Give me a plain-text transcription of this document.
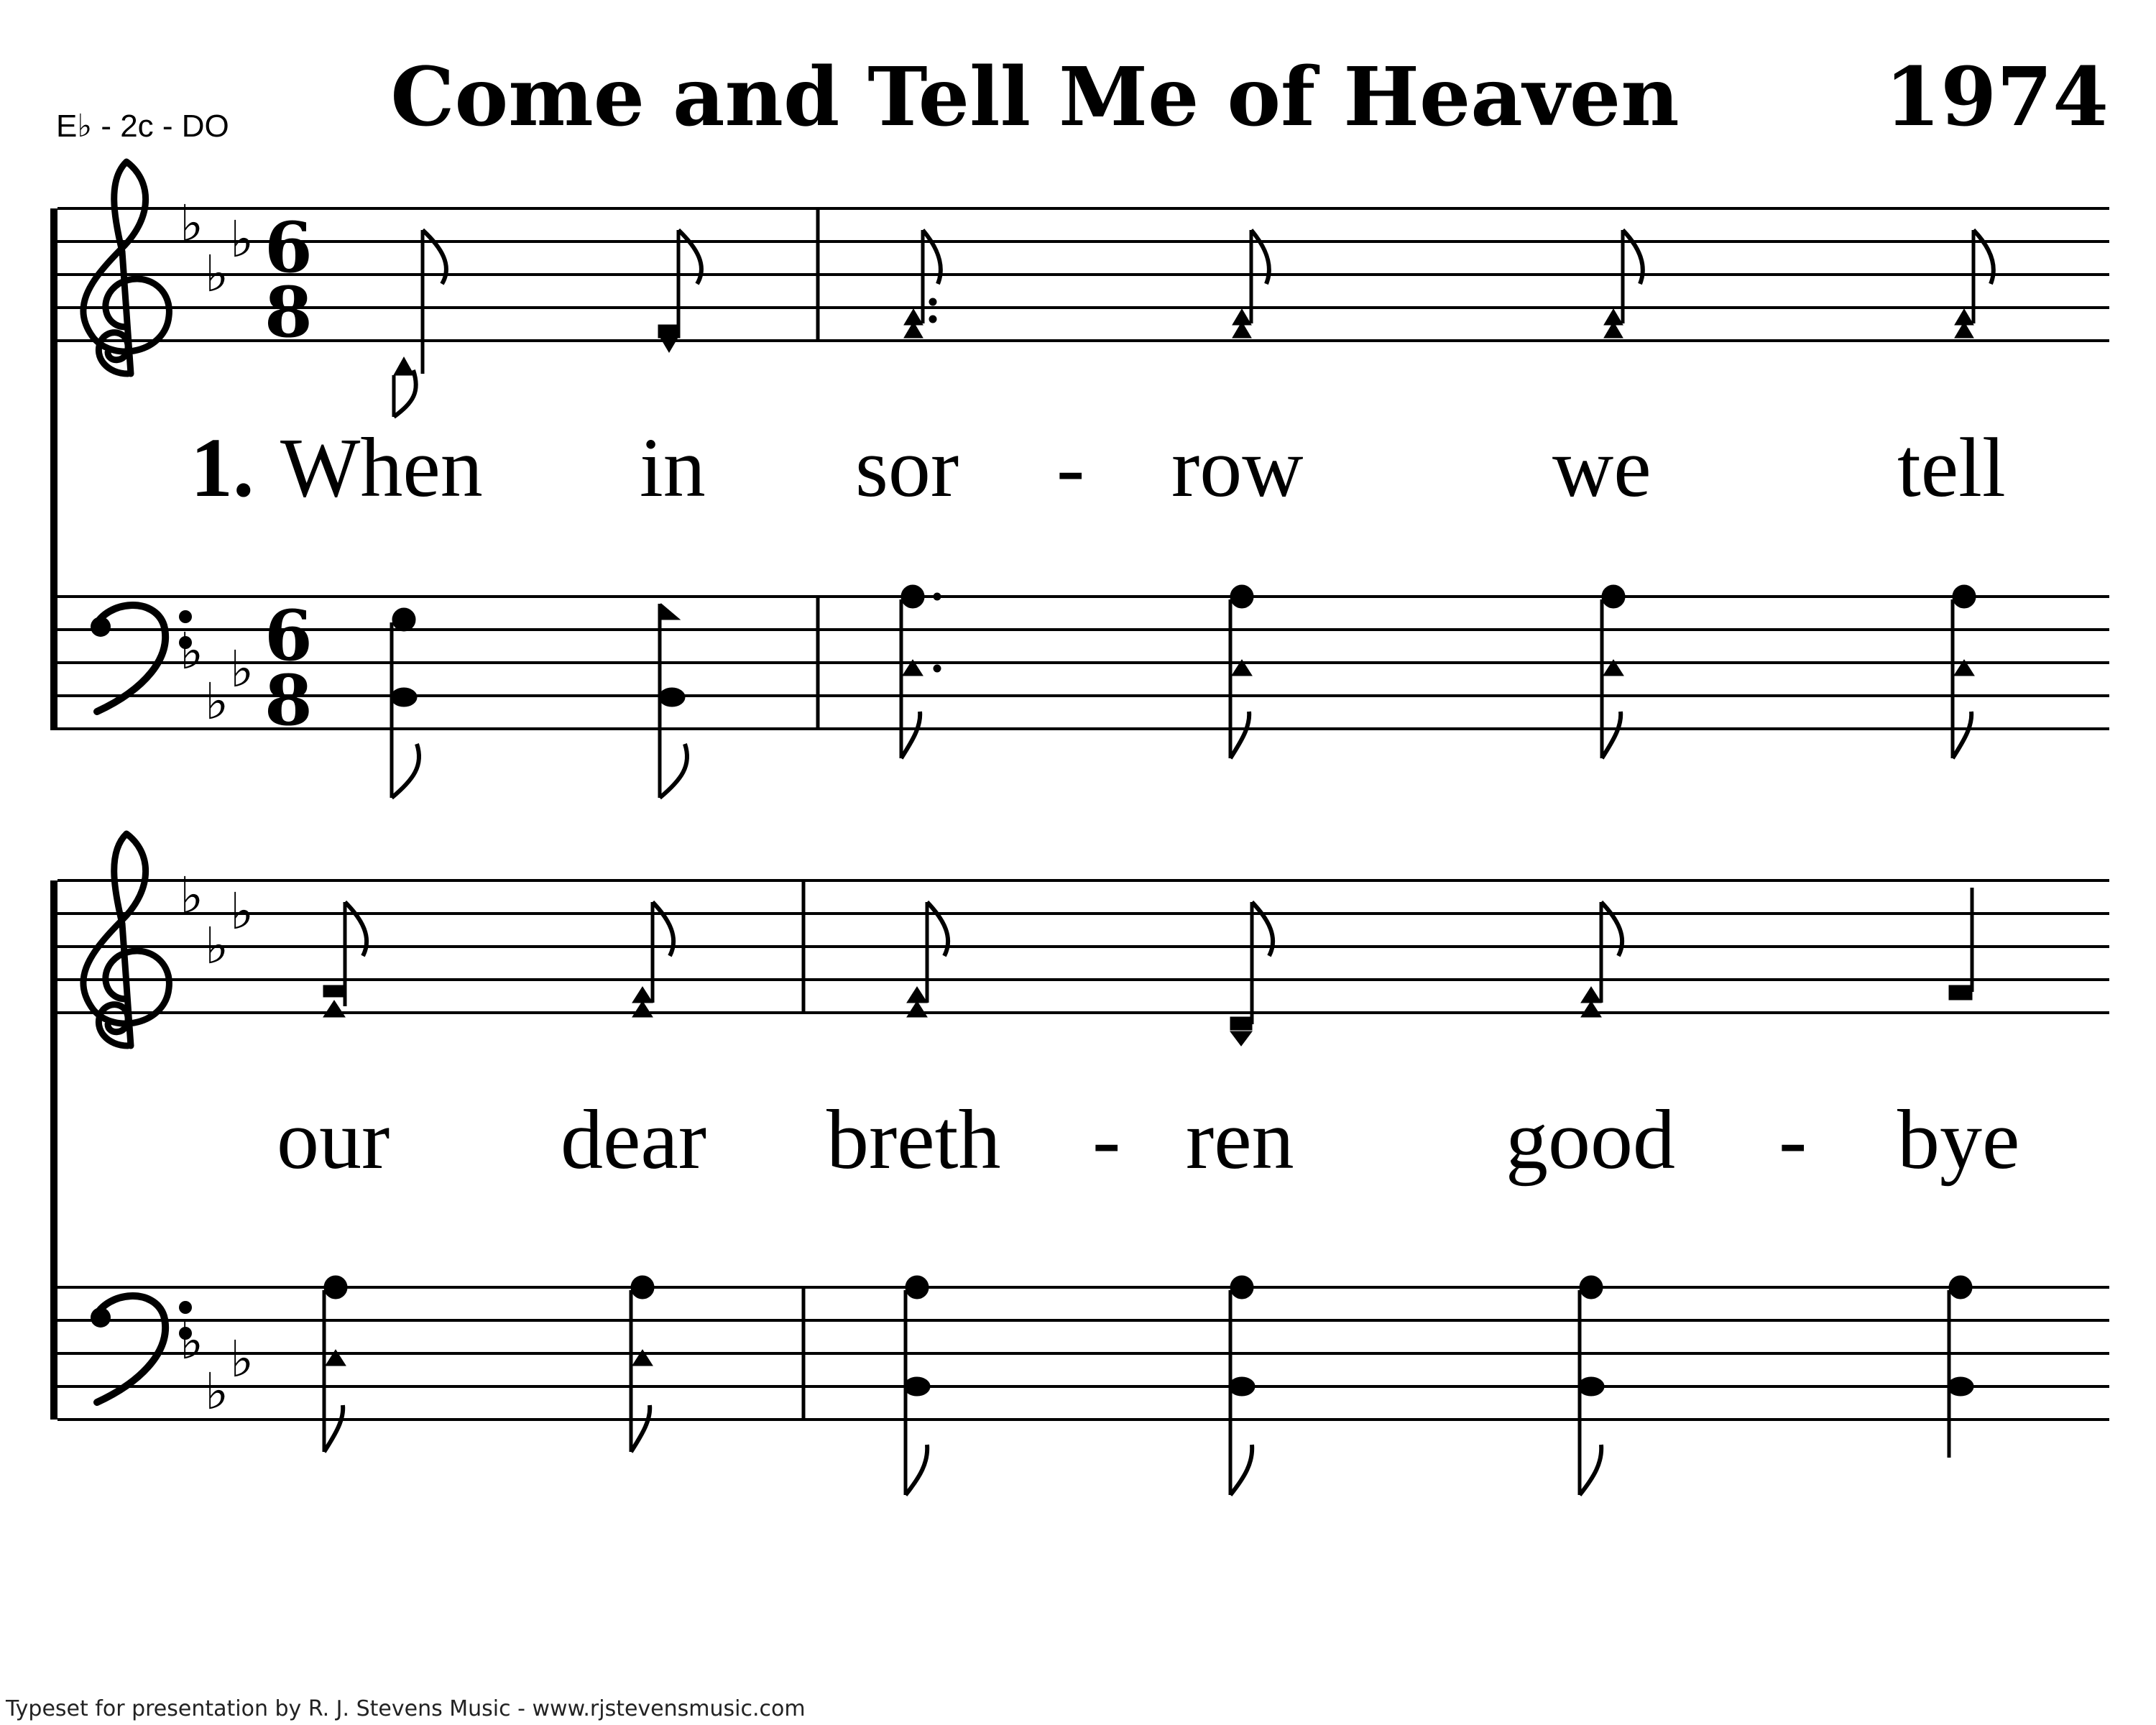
E♭ - 2c - DO	Come and Tell Me of Heaven	1974
♭
♭
♭ 6
8
1. When in sor - row	we	tell
♭
♭
♭ 6
8
♭
♭
♭
our dear breth - ren good - bye
♭
♭
♭
Typeset for presentation by R. J. Stevens Music - www.rjstevensmusic.com
